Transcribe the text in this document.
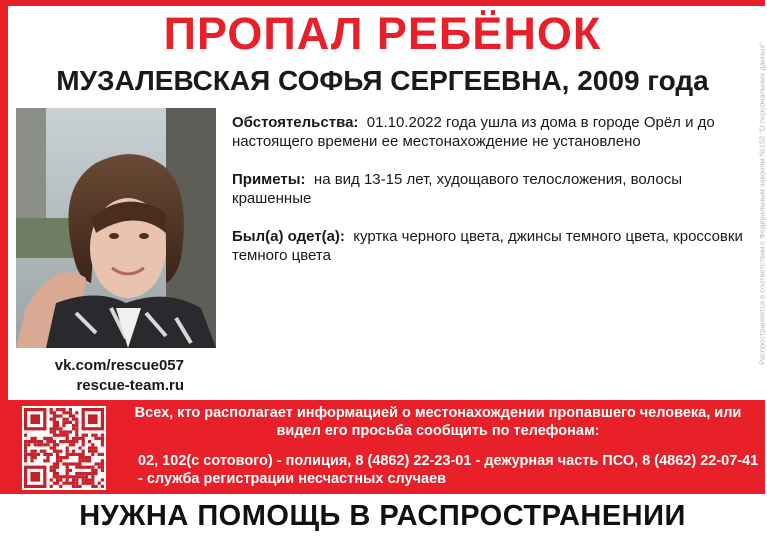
ПРОПАЛ РЕБЁНОК
МУЗАЛЕВСКАЯ СОФЬЯ СЕРГЕЕВНА, 2009 года
vk.com/rescue057
rescue-team.ru
Обстоятельства: 01.10.2022 года ушла из дома в городе Орёл и до настоящего времени ее местонахождение не установлено
Приметы: на вид 13-15 лет, худощавого телосложения, волосы крашенные
Был(а) одет(а): куртка черного цвета, джинсы темного цвета, кроссовки темного цвета	Распространяется в соответствии с Федеральным законом №152 "О персональных данных"
Всех, кто располагает информацией о местонахождении пропавшего человека, или видел его просьба сообщить по телефонам:
02, 102(с сотового) - полиция, 8 (4862) 22-23-01 - дежурная часть ПСО, 8 (4862) 22-07-41 - служба регистрации несчастных случаев
НУЖНА ПОМОЩЬ В РАСПРОСТРАНЕНИИ
